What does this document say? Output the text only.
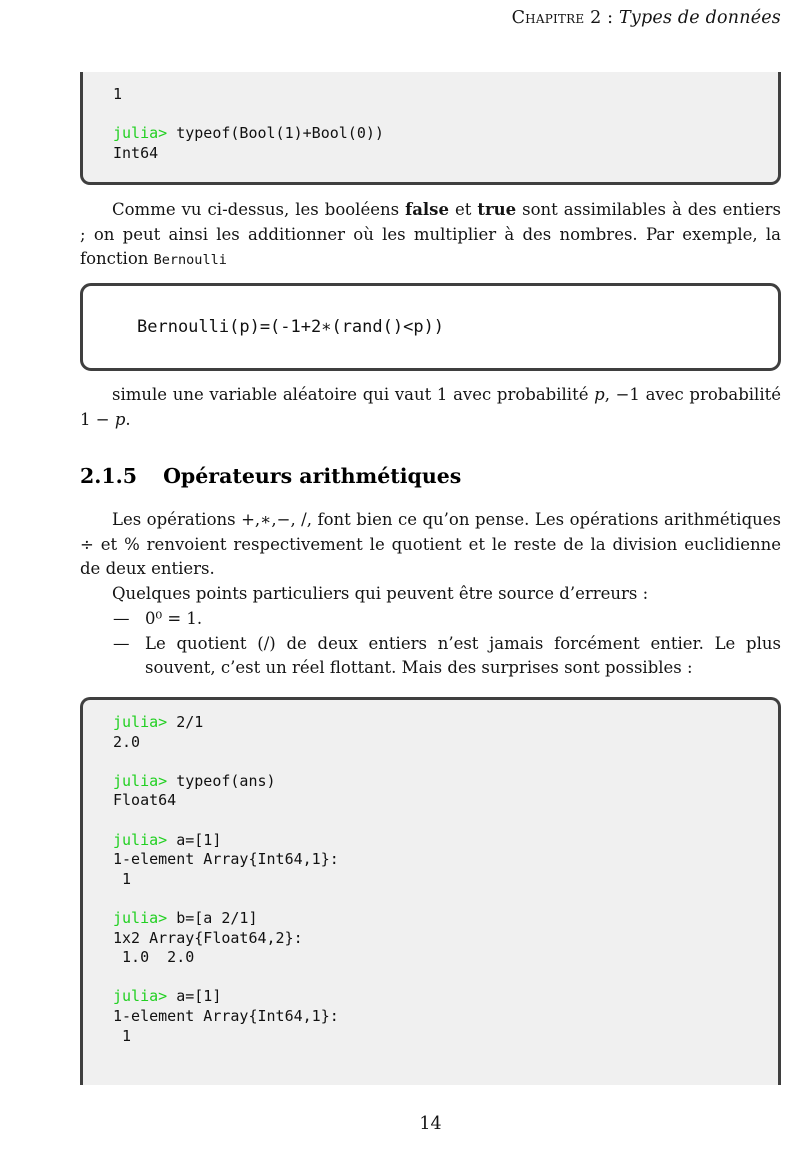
Chapitre 2 : Types de données
1

julia> typeof(Bool(1)+Bool(0))
Int64

Comme vu ci-dessus, les booléens false et true sont assimilables à des entiers ; on peut ainsi les additionner où les multiplier à des nombres. Par exemple, la fonction Bernoulli

Bernoulli(p)=(-1+2∗(rand()<p))

simule une variable aléatoire qui vaut 1 avec probabilité p, −1 avec probabilité 1 − p.

2.1.5 Opérateurs arithmétiques

Les opérations +,∗,−, /, font bien ce qu’on pense. Les opérations arithmétiques ÷ et % renvoient respectivement le quotient et le reste de la division euclidienne de deux entiers.

Quelques points particuliers qui peuvent être source d’erreurs :

— 0⁰ = 1.
— Le quotient (/) de deux entiers n’est jamais forcément entier. Le plus souvent, c’est un réel flottant. Mais des surprises sont possibles :
julia> 2/1
2.0

julia> typeof(ans)
Float64

julia> a=[1]
1-element Array{Int64,1}:
1

julia> b=[a 2/1]
1x2 Array{Float64,2}:
1.0  2.0

julia> a=[1]
1-element Array{Int64,1}:
1
14
